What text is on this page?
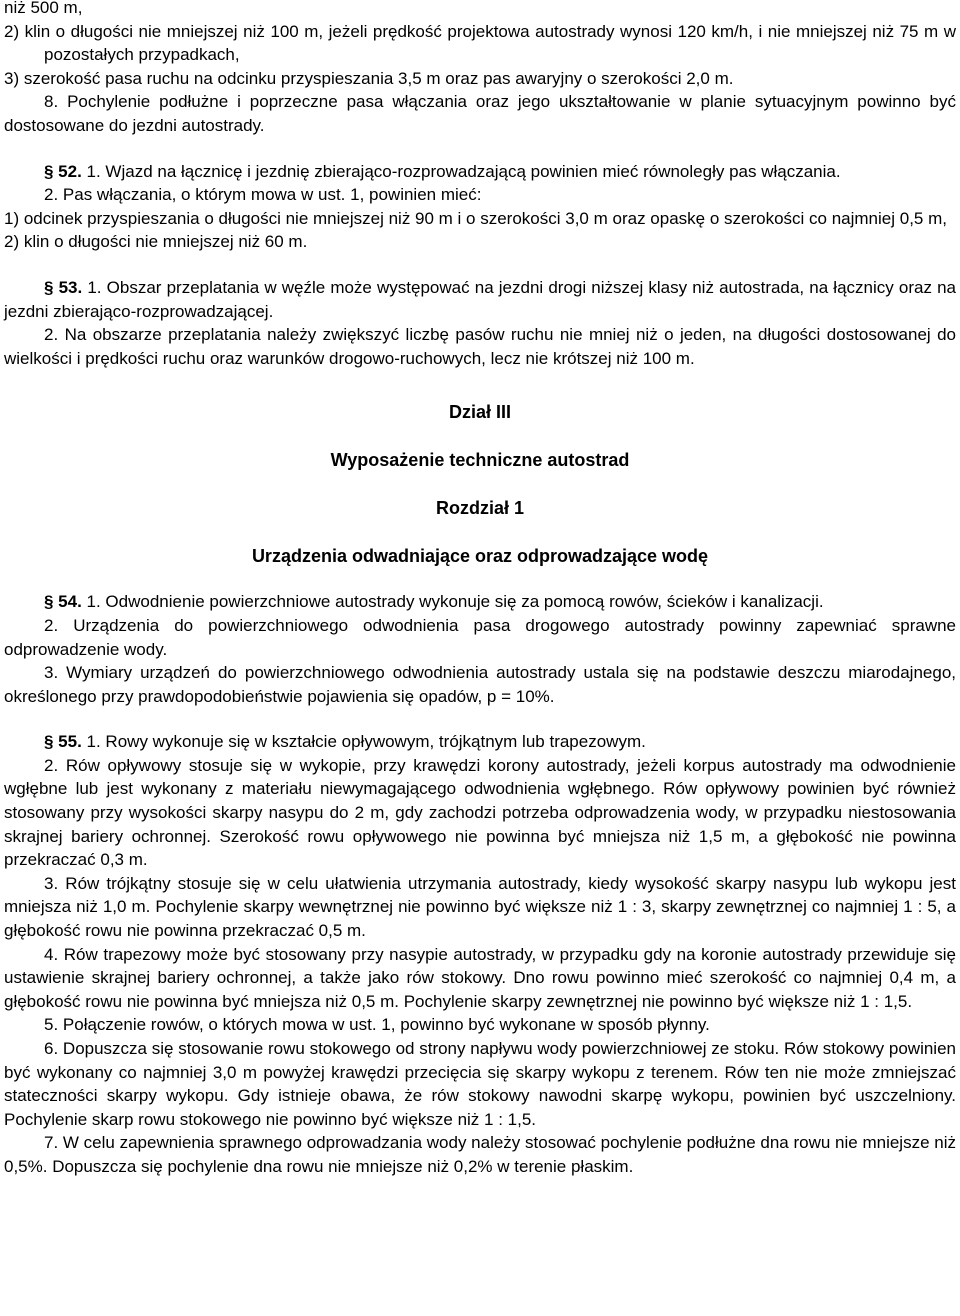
niż 500 m,

2) klin o długości nie mniejszej niż 100 m, jeżeli prędkość projektowa autostrady wynosi 120 km/h, i nie mniejszej niż 75 m w pozostałych przypadkach,

3) szerokość pasa ruchu na odcinku przyspieszania 3,5 m oraz pas awaryjny o szerokości 2,0 m.

8. Pochylenie podłużne i poprzeczne pasa włączania oraz jego ukształtowanie w planie sytuacyjnym powinno być dostosowane do jezdni autostrady.

§ 52. 1. Wjazd na łącznicę i jezdnię zbierająco-rozprowadzającą powinien mieć równoległy pas włączania.

2. Pas włączania, o którym mowa w ust. 1, powinien mieć:

1) odcinek przyspieszania o długości nie mniejszej niż 90 m i o szerokości 3,0 m oraz opaskę o szerokości co najmniej 0,5 m,

2) klin o długości nie mniejszej niż 60 m.

§ 53. 1. Obszar przeplatania w węźle może występować na jezdni drogi niższej klasy niż autostrada, na łącznicy oraz na jezdni zbierająco-rozprowadzającej.

2. Na obszarze przeplatania należy zwiększyć liczbę pasów ruchu nie mniej niż o jeden, na długości dostosowanej do wielkości i prędkości ruchu oraz warunków drogowo-ruchowych, lecz nie krótszej niż 100 m.

Dział III
Wyposażenie techniczne autostrad
Rozdział 1
Urządzenia odwadniające oraz odprowadzające wodę

§ 54. 1. Odwodnienie powierzchniowe autostrady wykonuje się za pomocą rowów, ścieków i kanalizacji.

2. Urządzenia do powierzchniowego odwodnienia pasa drogowego autostrady powinny zapewniać sprawne odprowadzenie wody.

3. Wymiary urządzeń do powierzchniowego odwodnienia autostrady ustala się na podstawie deszczu miarodajnego, określonego przy prawdopodobieństwie pojawienia się opadów, p = 10%.

§ 55. 1. Rowy wykonuje się w kształcie opływowym, trójkątnym lub trapezowym.

2. Rów opływowy stosuje się w wykopie, przy krawędzi korony autostrady, jeżeli korpus autostrady ma odwodnienie wgłębne lub jest wykonany z materiału niewymagającego odwodnienia wgłębnego. Rów opływowy powinien być również stosowany przy wysokości skarpy nasypu do 2 m, gdy zachodzi potrzeba odprowadzenia wody, w przypadku niestosowania skrajnej bariery ochronnej. Szerokość rowu opływowego nie powinna być mniejsza niż 1,5 m, a głębokość nie powinna przekraczać 0,3 m.

3. Rów trójkątny stosuje się w celu ułatwienia utrzymania autostrady, kiedy wysokość skarpy nasypu lub wykopu jest mniejsza niż 1,0 m. Pochylenie skarpy wewnętrznej nie powinno być większe niż 1 : 3, skarpy zewnętrznej co najmniej 1 : 5, a głębokość rowu nie powinna przekraczać 0,5 m.

4. Rów trapezowy może być stosowany przy nasypie autostrady, w przypadku gdy na koronie autostrady przewiduje się ustawienie skrajnej bariery ochronnej, a także jako rów stokowy. Dno rowu powinno mieć szerokość co najmniej 0,4 m, a głębokość rowu nie powinna być mniejsza niż 0,5 m. Pochylenie skarpy zewnętrznej nie powinno być większe niż 1 : 1,5.

5. Połączenie rowów, o których mowa w ust. 1, powinno być wykonane w sposób płynny.

6. Dopuszcza się stosowanie rowu stokowego od strony napływu wody powierzchniowej ze stoku. Rów stokowy powinien być wykonany co najmniej 3,0 m powyżej krawędzi przecięcia się skarpy wykopu z terenem. Rów ten nie może zmniejszać stateczności skarpy wykopu. Gdy istnieje obawa, że rów stokowy nawodni skarpę wykopu, powinien być uszczelniony. Pochylenie skarp rowu stokowego nie powinno być większe niż 1 : 1,5.

7. W celu zapewnienia sprawnego odprowadzania wody należy stosować pochylenie podłużne dna rowu nie mniejsze niż 0,5%. Dopuszcza się pochylenie dna rowu nie mniejsze niż 0,2% w terenie płaskim.
